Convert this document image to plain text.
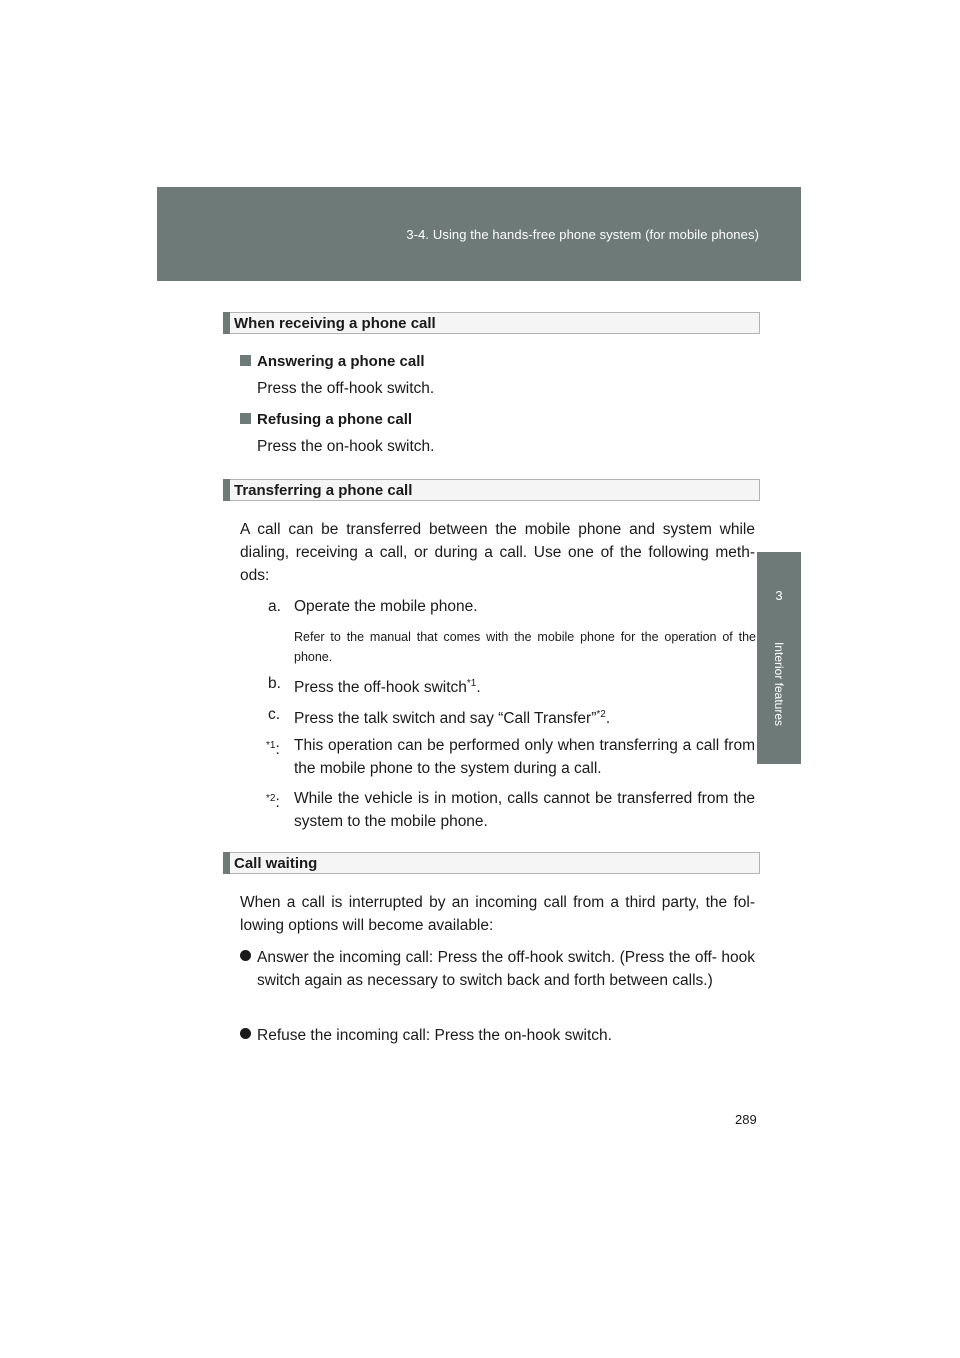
3-4. Using the hands-free phone system (for mobile phones)
3
Interior features
When receiving a phone call
Answering a phone call
Press the off-hook switch.
Refusing a phone call
Press the on-hook switch.
Transferring a phone call
A call can be transferred between the mobile phone and system while dialing, receiving a call, or during a call. Use one of the following meth- ods:
a. Operate the mobile phone.
Refer to the manual that comes with the mobile phone for the operation of the phone.
b. Press the off-hook switch$^{*1}$.
c. Press the talk switch and say “Call Transfer”$^{*2}$.
$^{*1}$: This operation can be performed only when transferring a call from the mobile phone to the system during a call.
$^{*2}$: While the vehicle is in motion, calls cannot be transferred from the system to the mobile phone.
Call waiting
When a call is interrupted by an incoming call from a third party, the fol- lowing options will become available:
Answer the incoming call: Press the off-hook switch. (Press the off- hook switch again as necessary to switch back and forth between calls.)
Refuse the incoming call: Press the on-hook switch.
289
